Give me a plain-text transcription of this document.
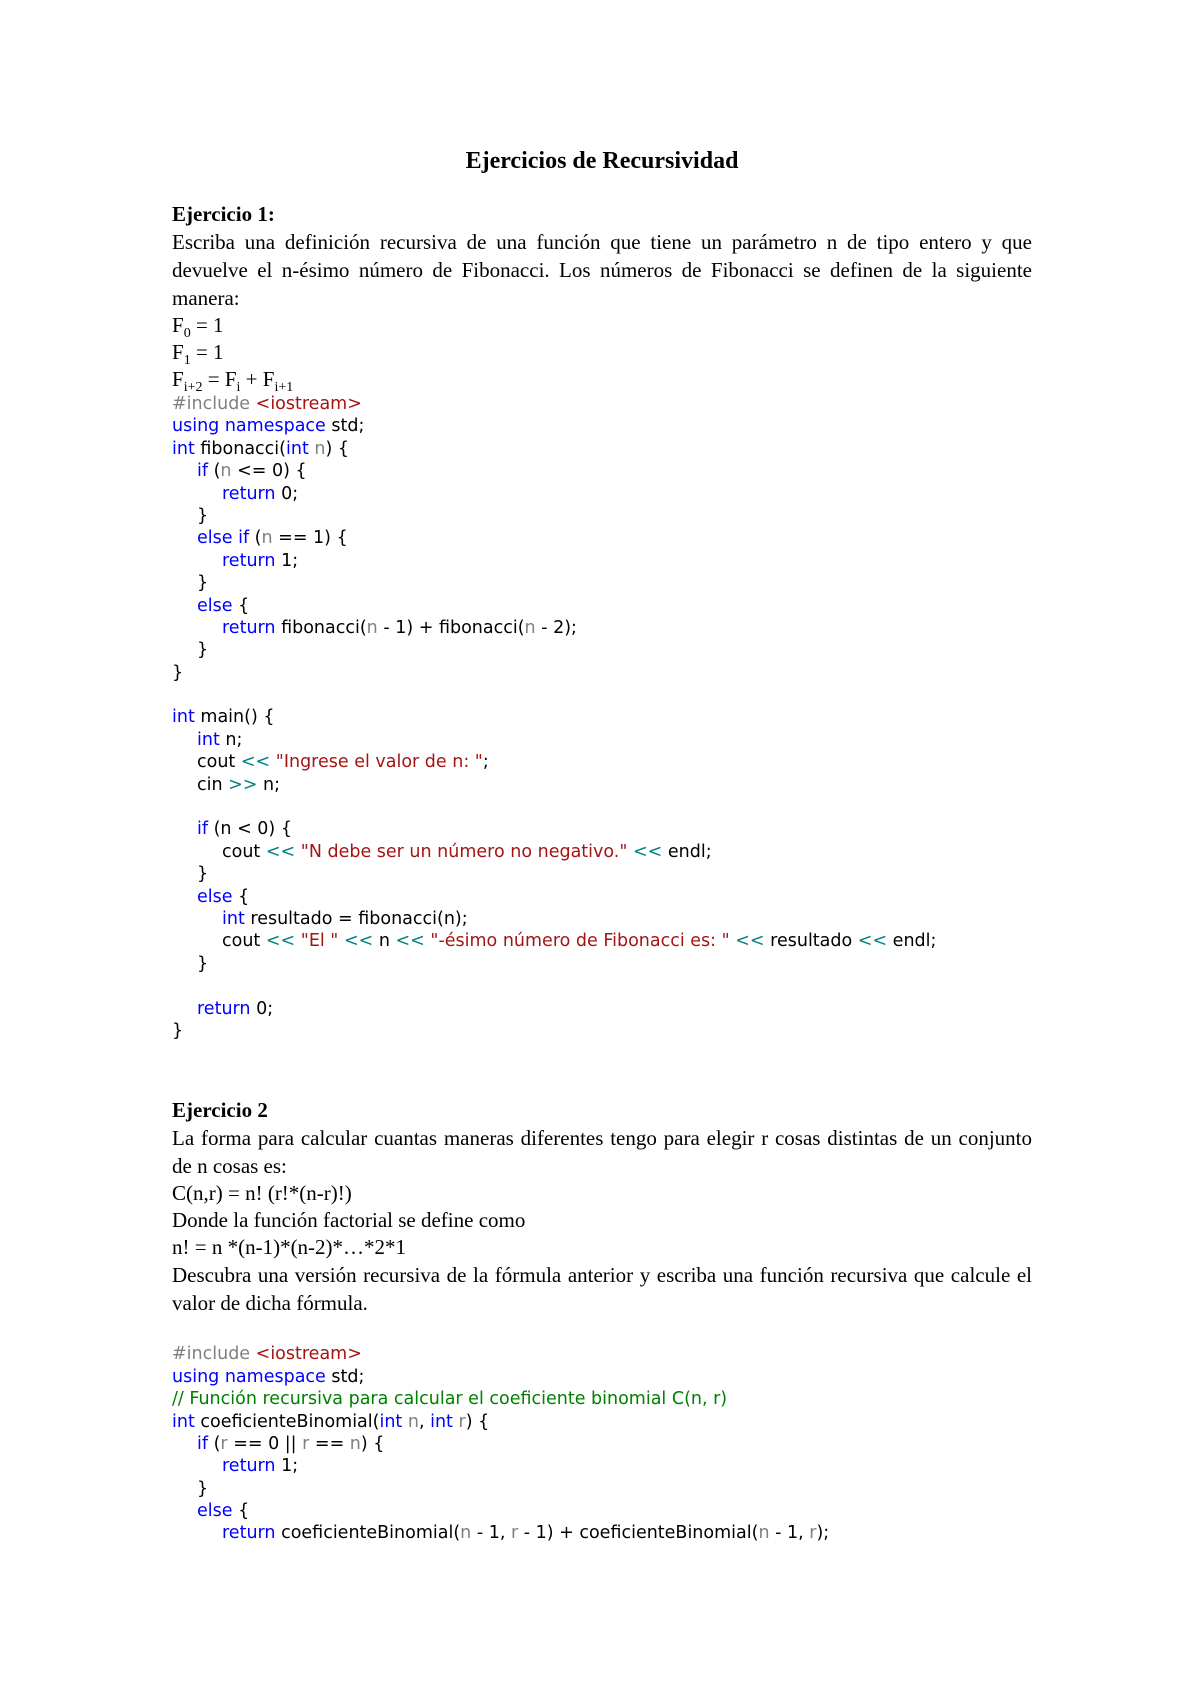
Ejercicios de Recursividad
Ejercicio 1:
Escriba una definición recursiva de una función que tiene un parámetro n de tipo entero y que devuelve el n-ésimo número de Fibonacci. Los números de Fibonacci se definen de la siguiente manera:
$F_0 = 1$
$F_1 = 1$
$F_{i+2} = F_i + F_{i+1}$
#include <iostream>
using namespace std;
int fibonacci(int n) {
if (n <= 0) {
return 0;
}
else if (n == 1) {
return 1;
}
else {
return fibonacci(n - 1) + fibonacci(n - 2);
}
}
int main() {
int n;
cout << "Ingrese el valor de n: ";
cin >> n;
if (n < 0) {
cout << "N debe ser un número no negativo." << endl;
}
else {
int resultado = fibonacci(n);
cout << "El " << n << "-ésimo número de Fibonacci es: " << resultado << endl;
}
return 0;
}
Ejercicio 2
La forma para calcular cuantas maneras diferentes tengo para elegir r cosas distintas de un conjunto de n cosas es:
C(n,r) = n! (r!*(n-r)!)
Donde la función factorial se define como
n! = n *(n-1)*(n-2)*…*2*1
Descubra una versión recursiva de la fórmula anterior y escriba una función recursiva que calcule el valor de dicha fórmula.
#include <iostream>
using namespace std;
// Función recursiva para calcular el coeficiente binomial C(n, r)
int coeficienteBinomial(int n, int r) {
if (r == 0 || r == n) {
return 1;
}
else {
return coeficienteBinomial(n - 1, r - 1) + coeficienteBinomial(n - 1, r);
